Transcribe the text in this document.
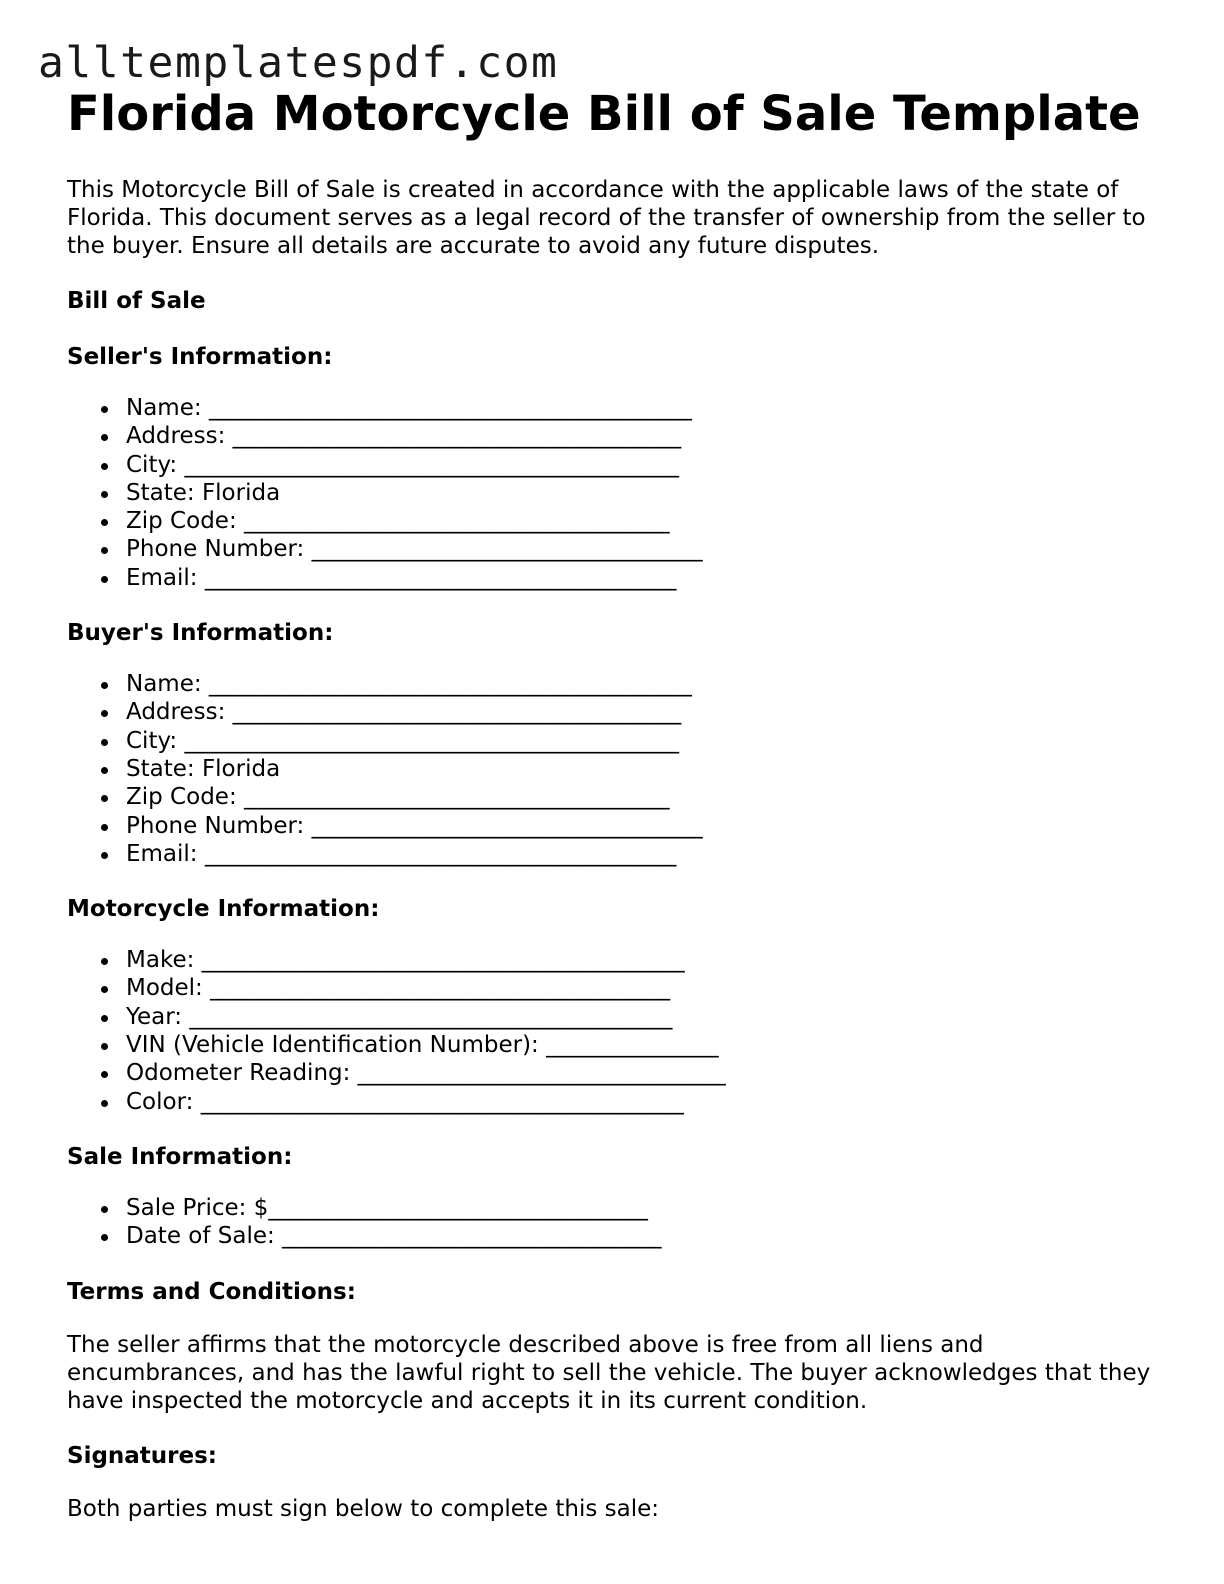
alltemplatespdf.com
Florida Motorcycle Bill of Sale Template

This Motorcycle Bill of Sale is created in accordance with the applicable laws of the state of Florida. This document serves as a legal record of the transfer of ownership from the seller to the buyer. Ensure all details are accurate to avoid any future disputes.

Bill of Sale
Seller's Information:
Name: __________________________________________
Address: _______________________________________
City: ___________________________________________
State: Florida
Zip Code: _____________________________________
Phone Number: __________________________________
Email: _________________________________________
Buyer's Information:
Name: __________________________________________
Address: _______________________________________
City: ___________________________________________
State: Florida
Zip Code: _____________________________________
Phone Number: __________________________________
Email: _________________________________________
Motorcycle Information:
Make: __________________________________________
Model: ________________________________________
Year: __________________________________________
VIN (Vehicle Identification Number): _______________
Odometer Reading: ________________________________
Color: __________________________________________
Sale Information:
Sale Price: $_________________________________
Date of Sale: _________________________________
Terms and Conditions:

The seller affirms that the motorcycle described above is free from all liens and encumbrances, and has the lawful right to sell the vehicle. The buyer acknowledges that they have inspected the motorcycle and accepts it in its current condition.

Signatures:

Both parties must sign below to complete this sale:
